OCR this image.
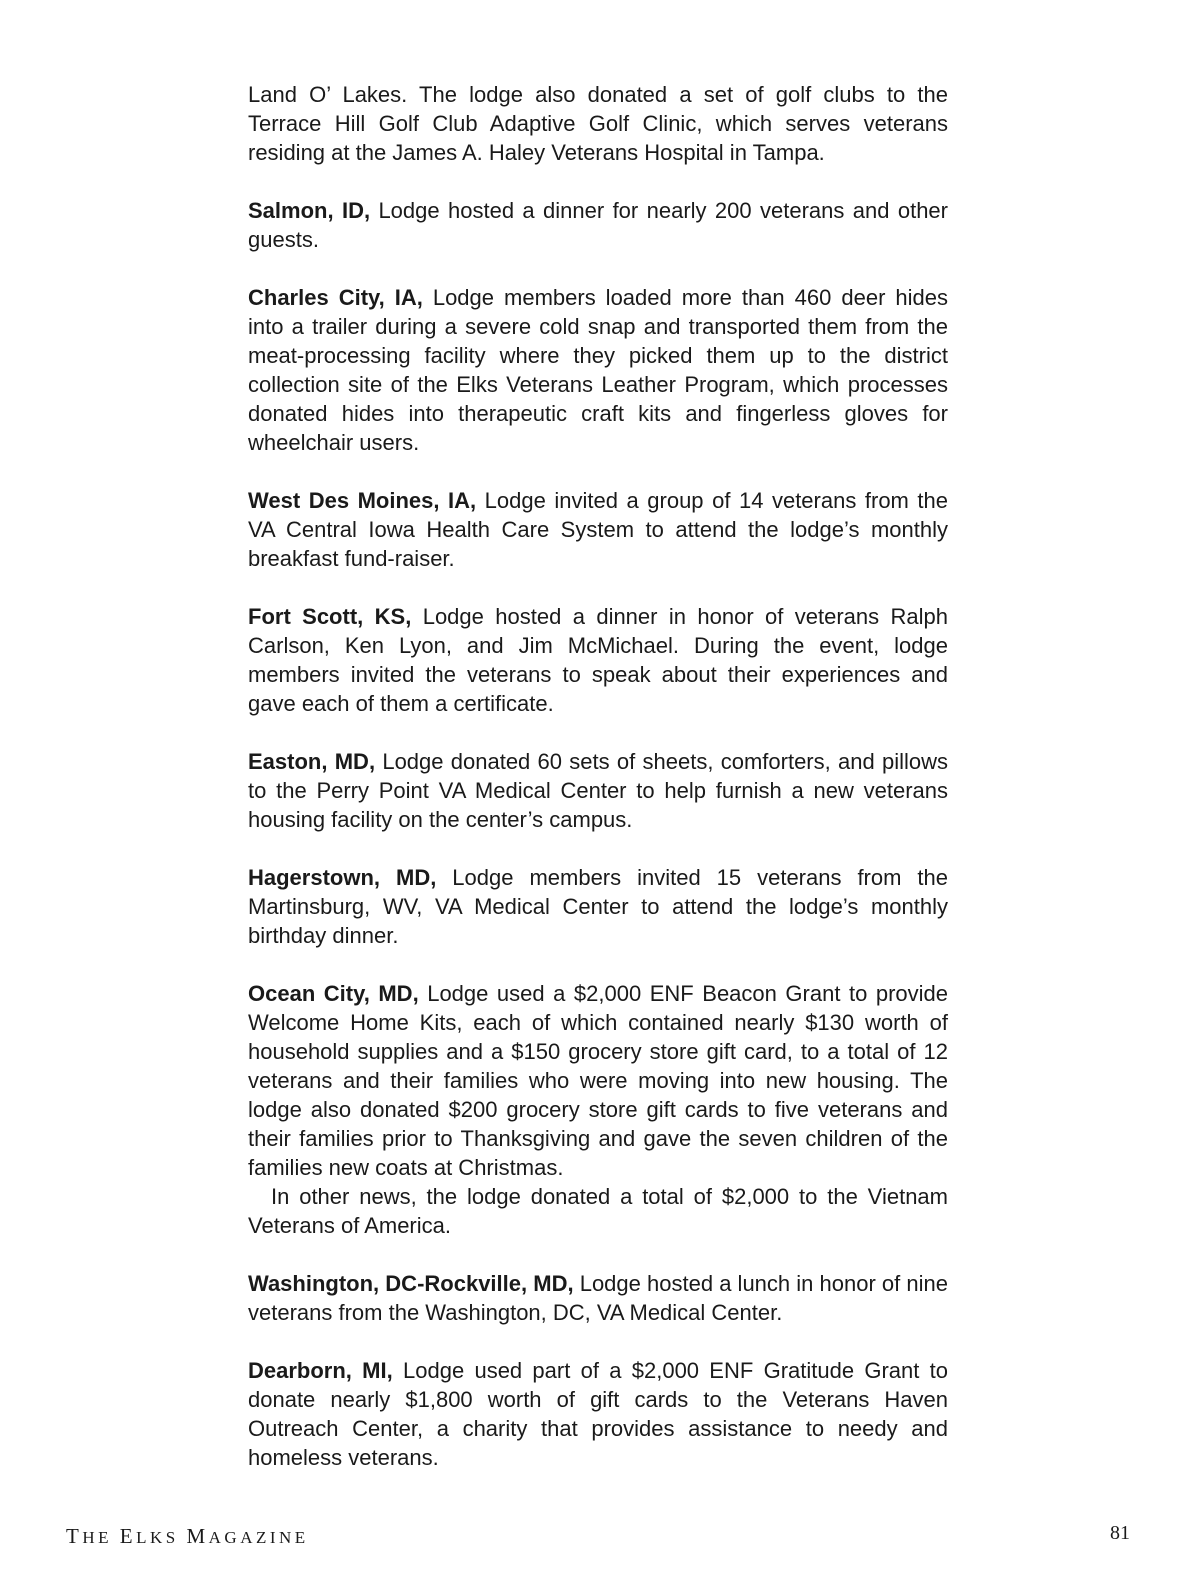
Land O’ Lakes. The lodge also donated a set of golf clubs to the Terrace Hill Golf Club Adaptive Golf Clinic, which serves veterans residing at the James A. Haley Veterans Hospital in Tampa.

Salmon, ID, Lodge hosted a dinner for nearly 200 veterans and other guests.

Charles City, IA, Lodge members loaded more than 460 deer hides into a trailer during a severe cold snap and transported them from the meat-processing facility where they picked them up to the district collection site of the Elks Veterans Leather Program, which processes donated hides into therapeutic craft kits and fingerless gloves for wheelchair users.

West Des Moines, IA, Lodge invited a group of 14 veterans from the VA Central Iowa Health Care System to attend the lodge’s monthly breakfast fund-raiser.

Fort Scott, KS, Lodge hosted a dinner in honor of veterans Ralph Carlson, Ken Lyon, and Jim McMichael. During the event, lodge members invited the veterans to speak about their experiences and gave each of them a certificate.

Easton, MD, Lodge donated 60 sets of sheets, comforters, and pillows to the Perry Point VA Medical Center to help furnish a new veterans housing facility on the center’s campus.

Hagerstown, MD, Lodge members invited 15 veterans from the Martinsburg, WV, VA Medical Center to attend the lodge’s monthly birthday dinner.

Ocean City, MD, Lodge used a $2,000 ENF Beacon Grant to provide Welcome Home Kits, each of which contained nearly $130 worth of household supplies and a $150 grocery store gift card, to a total of 12 veterans and their families who were moving into new housing. The lodge also donated $200 grocery store gift cards to five veterans and their families prior to Thanksgiving and gave the seven children of the families new coats at Christmas.

In other news, the lodge donated a total of $2,000 to the Vietnam Veterans of America.

Washington, DC-Rockville, MD, Lodge hosted a lunch in honor of nine veterans from the Washington, DC, VA Medical Center.

Dearborn, MI, Lodge used part of a $2,000 ENF Gratitude Grant to donate nearly $1,800 worth of gift cards to the Veterans Haven Outreach Center, a charity that provides assistance to needy and homeless veterans.

THE ELKS MAGAZINE	81
